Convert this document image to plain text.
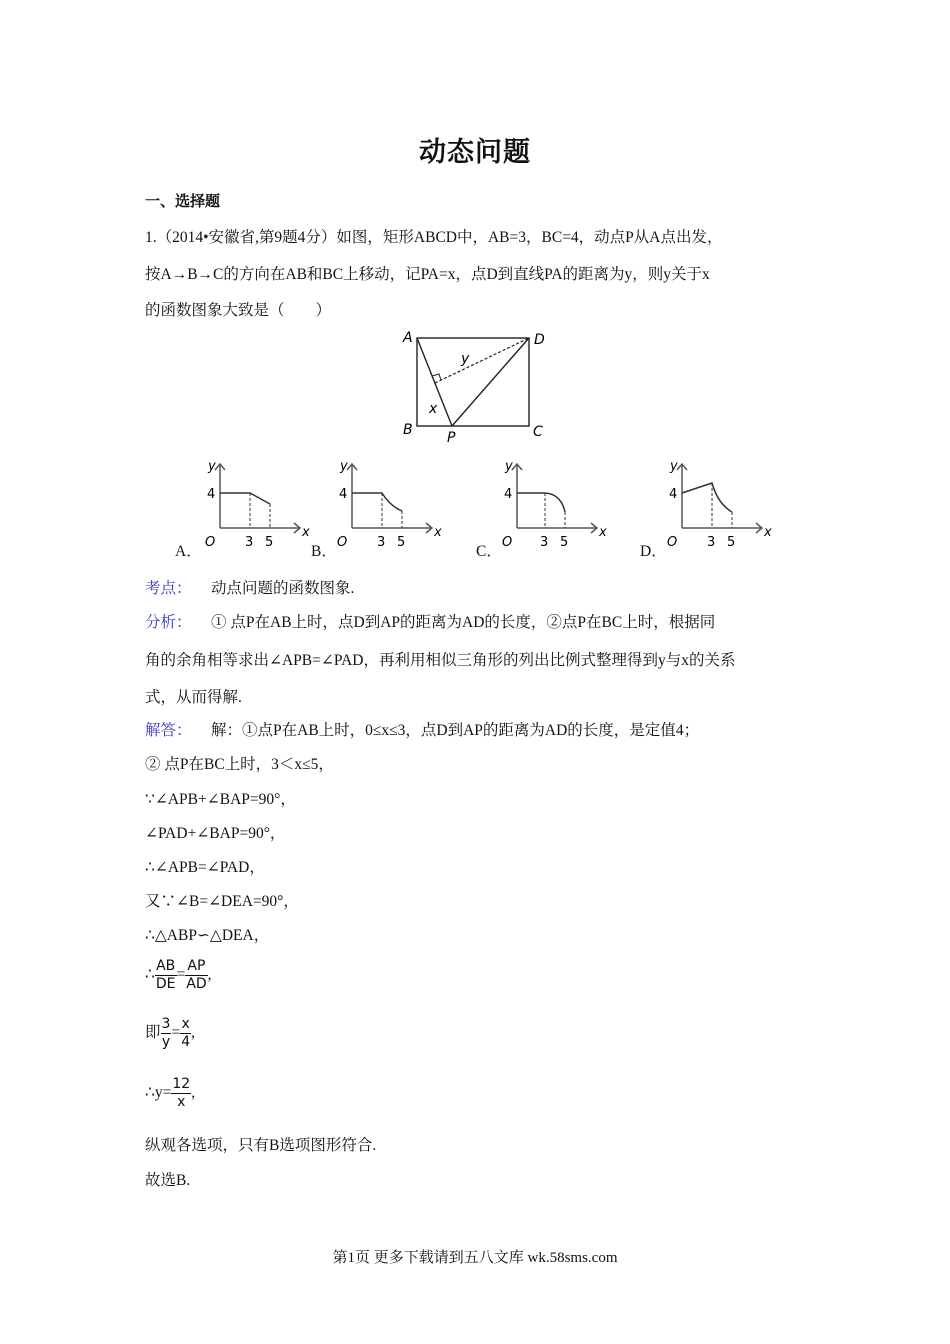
动态问题
一、选择题
1.（2014•安徽省,第9题4分）如图，矩形ABCD中，AB=3，BC=4，动点P从A点出发，
按A→B→C的方向在AB和BC上移动，记PA=x，点D到直线PA的距离为y，则y关于x
的函数图象大致是（　　）
A
B	C
D
P
x
y
A．
4
3 5
O
x
y
B．
4
3 5
O
x
y
C．
4
3 5
O
x
y
D．
4
3 5
O
x
y
考点： 动点问题的函数图象.
分析： ① 点P在AB上时，点D到AP的距离为AD的长度，②点P在BC上时，根据同
角的余角相等求出∠APB=∠PAD，再利用相似三角形的列出比例式整理得到y与x的关系
式，从而得解.
解答： 解：①点P在AB上时，0≤x≤3，点D到AP的距离为AD的长度，是定值4；
② 点P在BC上时，3＜x≤5，
∵∠APB+∠BAP=90°，
∠PAD+∠BAP=90°，
∴∠APB=∠PAD，
又∵∠B=∠DEA=90°，
∴△ABP∽△DEA，
∴ $\frac{AB}{DE} = \frac{AP}{AD}$ ,
即 $\frac{3}{y} = \frac{x}{4}$ ,
∴y= $\frac{12}{x}$ ,
纵观各选项，只有B选项图形符合.
故选B.
第1页 更多下载请到五八文库 wk.58sms.com
